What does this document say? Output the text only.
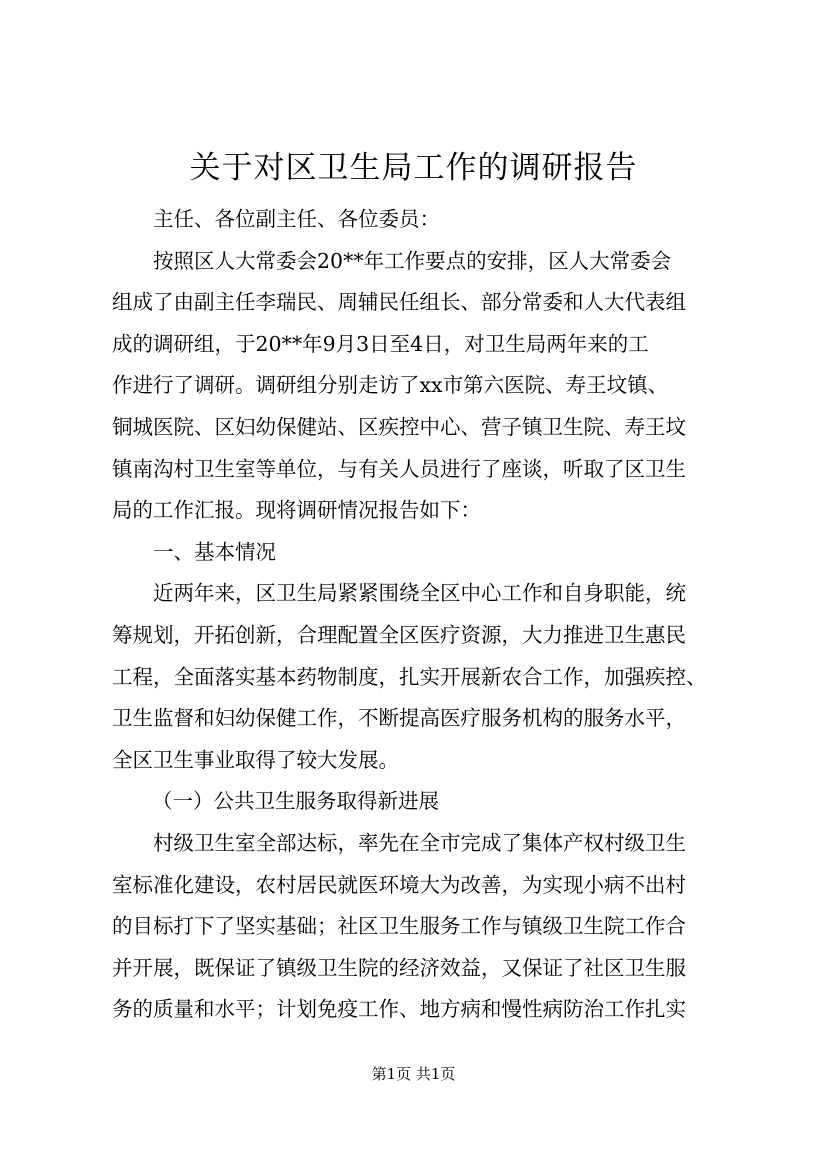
关于对区卫生局工作的调研报告
主任、各位副主任、各位委员：
按照区人大常委会20**年工作要点的安排，区人大常委会
组成了由副主任李瑞民、周辅民任组长、部分常委和人大代表组
成的调研组，于20**年9月3日至4日，对卫生局两年来的工
作进行了调研。调研组分别走访了xx市第六医院、寿王坟镇、
铜城医院、区妇幼保健站、区疾控中心、营子镇卫生院、寿王坟
镇南沟村卫生室等单位，与有关人员进行了座谈，听取了区卫生
局的工作汇报。现将调研情况报告如下：
一、基本情况
近两年来，区卫生局紧紧围绕全区中心工作和自身职能，统
筹规划，开拓创新，合理配置全区医疗资源，大力推进卫生惠民
工程，全面落实基本药物制度，扎实开展新农合工作，加强疾控、
卫生监督和妇幼保健工作，不断提高医疗服务机构的服务水平，
全区卫生事业取得了较大发展。
（一）公共卫生服务取得新进展
村级卫生室全部达标，率先在全市完成了集体产权村级卫生
室标准化建设，农村居民就医环境大为改善，为实现小病不出村
的目标打下了坚实基础；社区卫生服务工作与镇级卫生院工作合
并开展，既保证了镇级卫生院的经济效益，又保证了社区卫生服
务的质量和水平；计划免疫工作、地方病和慢性病防治工作扎实
第1页 共1页
